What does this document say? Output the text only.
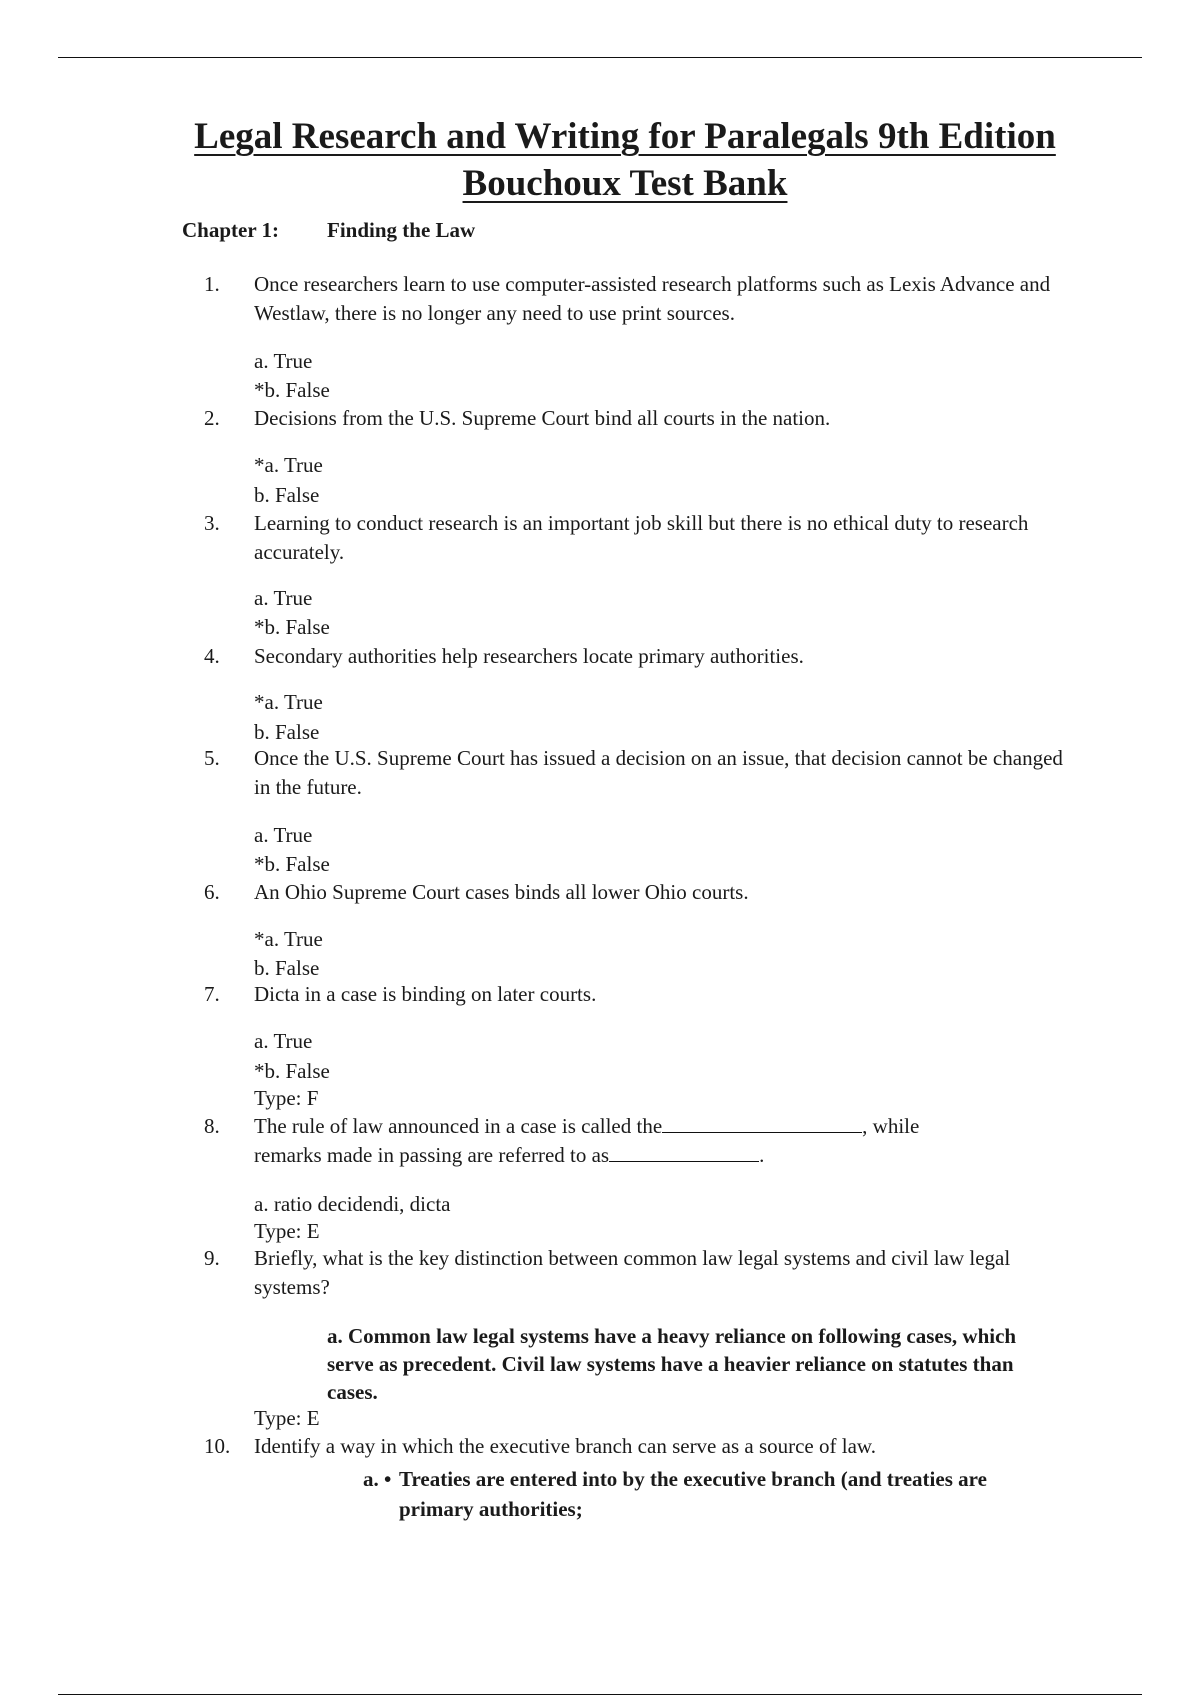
Legal Research and Writing for Paralegals 9th Edition
Bouchoux Test Bank
Chapter 1: Finding the Law
1.	Once researchers learn to use computer-assisted research platforms such as Lexis Advance and Westlaw, there is no longer any need to use print sources.
a. True
*b. False
2.	Decisions from the U.S. Supreme Court bind all courts in the nation.
*a. True
b. False
3.	Learning to conduct research is an important job skill but there is no ethical duty to research accurately.
a. True
*b. False
4.	Secondary authorities help researchers locate primary authorities.
*a. True
b. False
5.	Once the U.S. Supreme Court has issued a decision on an issue, that decision cannot be changed in the future.
a. True
*b. False
6.	An Ohio Supreme Court cases binds all lower Ohio courts.
*a. True
b. False
7.	Dicta in a case is binding on later courts.
a. True
*b. False
Type: F
8.	The rule of law announced in a case is called the	, while
remarks made in passing are referred to as	.
a. ratio decidendi, dicta
Type: E
9.	Briefly, what is the key distinction between common law legal systems and civil law legal systems?
a. Common law legal systems have a heavy reliance on following cases, which serve as precedent. Civil law systems have a heavier reliance on statutes than cases.
Type: E
10.	Identify a way in which the executive branch can serve as a source of law.
a. • Treaties are entered into by the executive branch (and treaties are primary authorities;
